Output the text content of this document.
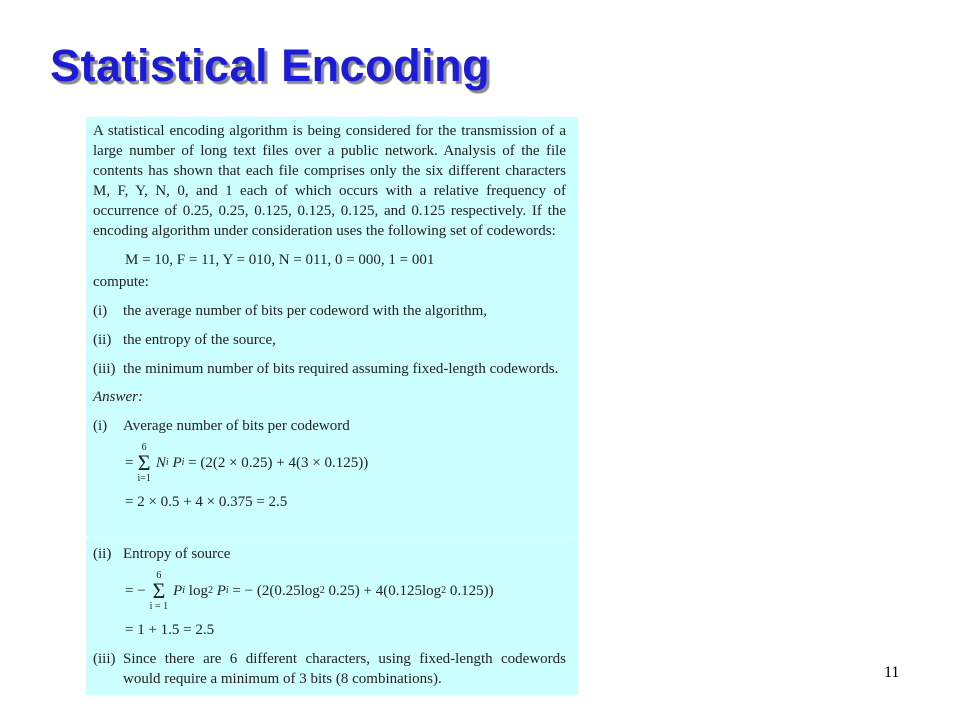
Statistical Encoding

A statistical encoding algorithm is being considered for the transmission of a large number of long text files over a public network. Analysis of the file contents has shown that each file comprises only the six different characters M, F, Y, N, 0, and 1 each of which occurs with a relative frequency of occurrence of 0.25, 0.25, 0.125, 0.125, 0.125, and 0.125 respectively. If the encoding algorithm under consideration uses the following set of codewords:

M = 10, F = 11, Y = 010, N = 011, 0 = 000, 1 = 001
compute:
(i)	the average number of bits per codeword with the algorithm,
(ii) the entropy of the source,
(iii) the minimum number of bits required assuming fixed-length codewords.
Answer:
(i)	Average number of bits per codeword
=
6
Σ
i=1
N i
P i
= (2(2 × 0.25) + 4(3 × 0.125))
= 2 × 0.5 + 4 × 0.375 = 2.5
(ii) Entropy of source
= −
6
Σ
i = 1
P i
log 2
P i
= − (2(0.25log 2
0.25) + 4(0.125log 2
0.125))
= 1 + 1.5 = 2.5
(iii) Since there are 6 different characters, using fixed-length codewords would require a minimum of 3 bits (8 combinations).	11
